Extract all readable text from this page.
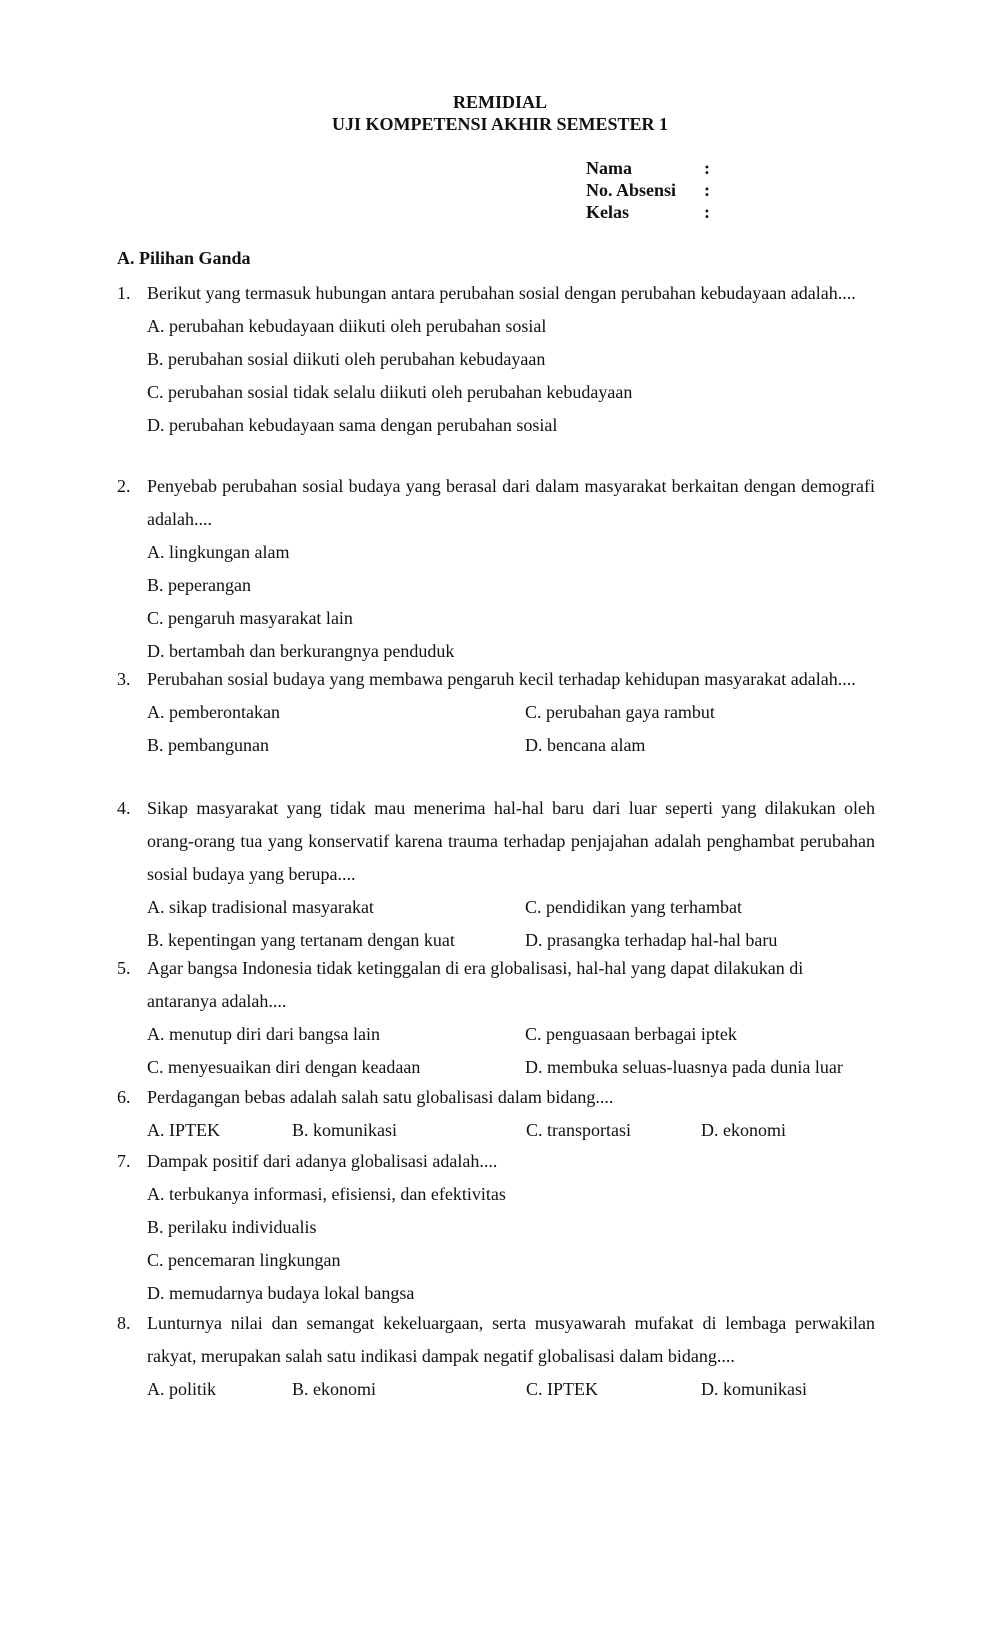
REMIDIAL
UJI KOMPETENSI AKHIR SEMESTER 1
Nama	:
No. Absensi :
Kelas	:
A. Pilihan Ganda
1. Berikut yang termasuk hubungan antara perubahan sosial dengan perubahan kebudayaan adalah....
A. perubahan kebudayaan diikuti oleh perubahan sosial
B. perubahan sosial diikuti oleh perubahan kebudayaan
C. perubahan sosial tidak selalu diikuti oleh perubahan kebudayaan
D. perubahan kebudayaan sama dengan perubahan sosial
2. Penyebab perubahan sosial budaya yang berasal dari dalam masyarakat berkaitan dengan demografi adalah....
A. lingkungan alam
B. peperangan
C. pengaruh masyarakat lain
D. bertambah dan berkurangnya penduduk
3. Perubahan sosial budaya yang membawa pengaruh kecil terhadap kehidupan masyarakat adalah....
A. pemberontakan	C. perubahan gaya rambut
B. pembangunan	D. bencana alam
4. Sikap masyarakat yang tidak mau menerima hal-hal baru dari luar seperti yang dilakukan oleh orang-orang tua yang konservatif karena trauma terhadap penjajahan adalah penghambat perubahan sosial budaya yang berupa....
A. sikap tradisional masyarakat	C. pendidikan yang terhambat
B. kepentingan yang tertanam dengan kuat	D. prasangka terhadap hal-hal baru
5. Agar bangsa Indonesia tidak ketinggalan di era globalisasi, hal-hal yang dapat dilakukan di antaranya adalah....
A. menutup diri dari bangsa lain	C. penguasaan berbagai iptek
C. menyesuaikan diri dengan keadaan	D. membuka seluas-luasnya pada dunia luar
6. Perdagangan bebas adalah salah satu globalisasi dalam bidang....
A. IPTEK	B. komunikasi	C. transportasi	D. ekonomi
7. Dampak positif dari adanya globalisasi adalah....
A. terbukanya informasi, efisiensi, dan efektivitas
B. perilaku individualis
C. pencemaran lingkungan
D. memudarnya budaya lokal bangsa
8. Lunturnya nilai dan semangat kekeluargaan, serta musyawarah mufakat di lembaga perwakilan rakyat, merupakan salah satu indikasi dampak negatif globalisasi dalam bidang....
A. politik	B. ekonomi	C. IPTEK	D. komunikasi
